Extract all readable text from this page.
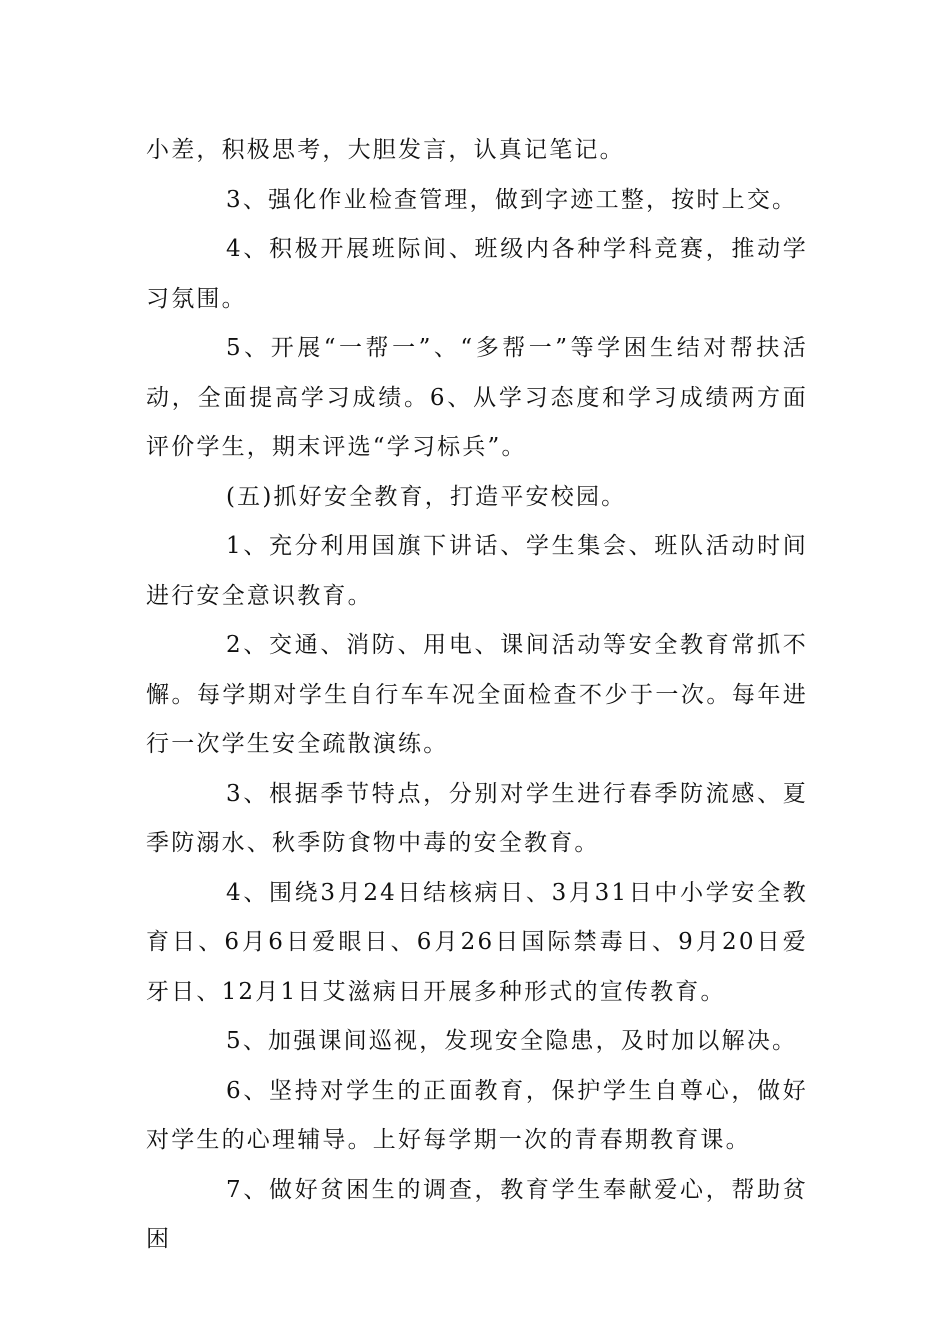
小差，积极思考，大胆发言，认真记笔记。

3、强化作业检查管理，做到字迹工整，按时上交。

4、积极开展班际间、班级内各种学科竞赛，推动学习氛围。

5、开展“一帮一”、“多帮一”等学困生结对帮扶活动，全面提高学习成绩。6、从学习态度和学习成绩两方面评价学生，期末评选“学习标兵”。

(五)抓好安全教育，打造平安校园。

1、充分利用国旗下讲话、学生集会、班队活动时间进行安全意识教育。

2、交通、消防、用电、课间活动等安全教育常抓不懈。每学期对学生自行车车况全面检查不少于一次。每年进行一次学生安全疏散演练。

3、根据季节特点，分别对学生进行春季防流感、夏季防溺水、秋季防食物中毒的安全教育。

4、围绕3月24日结核病日、3月31日中小学安全教育日、6月6日爱眼日、6月26日国际禁毒日、9月20日爱牙日、12月1日艾滋病日开展多种形式的宣传教育。

5、加强课间巡视，发现安全隐患，及时加以解决。

6、坚持对学生的正面教育，保护学生自尊心，做好对学生的心理辅导。上好每学期一次的青春期教育课。

7、做好贫困生的调查，教育学生奉献爱心，帮助贫困
